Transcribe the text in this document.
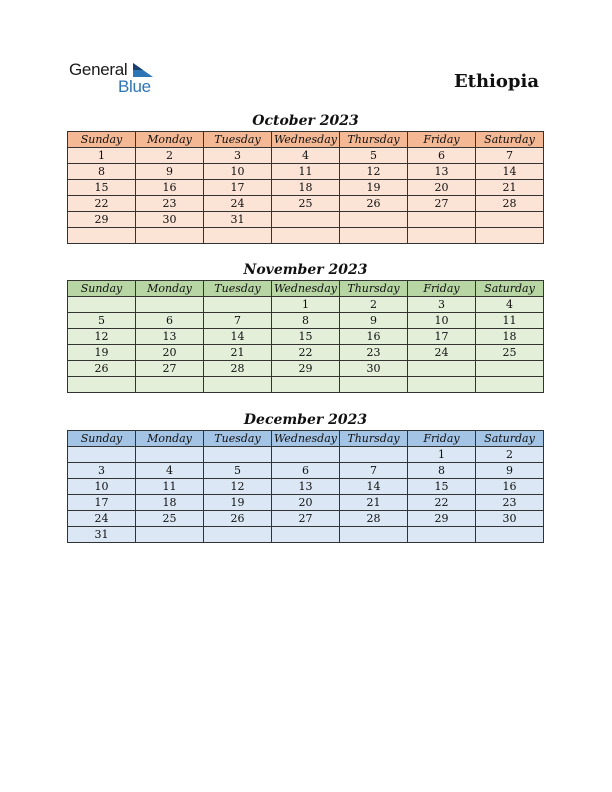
General
Blue	Ethiopia
October 2023
Sunday	Monday	Tuesday	Wednesday	Thursday	Friday	Saturday
1	2	3	4	5	6	7
8	9	10	11	12	13	14
15	16	17	18	19	20	21
22	23	24	25	26	27	28
29	30	31				

November 2023
Sunday	Monday	Tuesday	Wednesday	Thursday	Friday	Saturday
			1	2	3	4
5	6	7	8	9	10	11
12	13	14	15	16	17	18
19	20	21	22	23	24	25
26	27	28	29	30		

December 2023
Sunday	Monday	Tuesday	Wednesday	Thursday	Friday	Saturday
					1	2
3	4	5	6	7	8	9
10	11	12	13	14	15	16
17	18	19	20	21	22	23
24	25	26	27	28	29	30
31						
